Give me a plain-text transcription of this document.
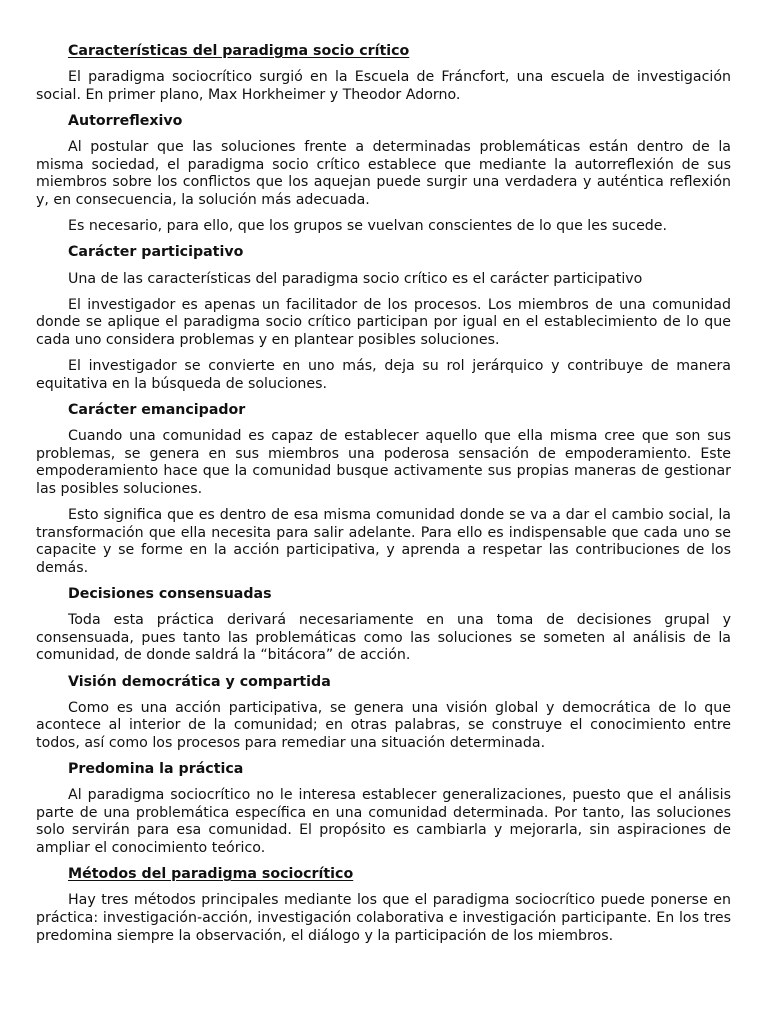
Características del paradigma socio crítico

El paradigma sociocrítico surgió en la Escuela de Fráncfort, una escuela de investigación social. En primer plano, Max Horkheimer y Theodor Adorno.

Autorreflexivo

Al postular que las soluciones frente a determinadas problemáticas están dentro de la misma sociedad, el paradigma socio crítico establece que mediante la autorreflexión de sus miembros sobre los conflictos que los aquejan puede surgir una verdadera y auténtica reflexión y, en consecuencia, la solución más adecuada.

Es necesario, para ello, que los grupos se vuelvan conscientes de lo que les sucede.

Carácter participativo

Una de las características del paradigma socio crítico es el carácter participativo

El investigador es apenas un facilitador de los procesos. Los miembros de una comunidad donde se aplique el paradigma socio crítico participan por igual en el establecimiento de lo que cada uno considera problemas y en plantear posibles soluciones.

El investigador se convierte en uno más, deja su rol jerárquico y contribuye de manera equitativa en la búsqueda de soluciones.

Carácter emancipador

Cuando una comunidad es capaz de establecer aquello que ella misma cree que son sus problemas, se genera en sus miembros una poderosa sensación de empoderamiento. Este empoderamiento hace que la comunidad busque activamente sus propias maneras de gestionar las posibles soluciones.

Esto significa que es dentro de esa misma comunidad donde se va a dar el cambio social, la transformación que ella necesita para salir adelante. Para ello es indispensable que cada uno se capacite y se forme en la acción participativa, y aprenda a respetar las contribuciones de los demás.

Decisiones consensuadas

Toda esta práctica derivará necesariamente en una toma de decisiones grupal y consensuada, pues tanto las problemáticas como las soluciones se someten al análisis de la comunidad, de donde saldrá la “bitácora” de acción.

Visión democrática y compartida

Como es una acción participativa, se genera una visión global y democrática de lo que acontece al interior de la comunidad; en otras palabras, se construye el conocimiento entre todos, así como los procesos para remediar una situación determinada.

Predomina la práctica

Al paradigma sociocrítico no le interesa establecer generalizaciones, puesto que el análisis parte de una problemática específica en una comunidad determinada. Por tanto, las soluciones solo servirán para esa comunidad. El propósito es cambiarla y mejorarla, sin aspiraciones de ampliar el conocimiento teórico.

Métodos del paradigma sociocrítico

Hay tres métodos principales mediante los que el paradigma sociocrítico puede ponerse en práctica: investigación-acción, investigación colaborativa e investigación participante. En los tres predomina siempre la observación, el diálogo y la participación de los miembros.
